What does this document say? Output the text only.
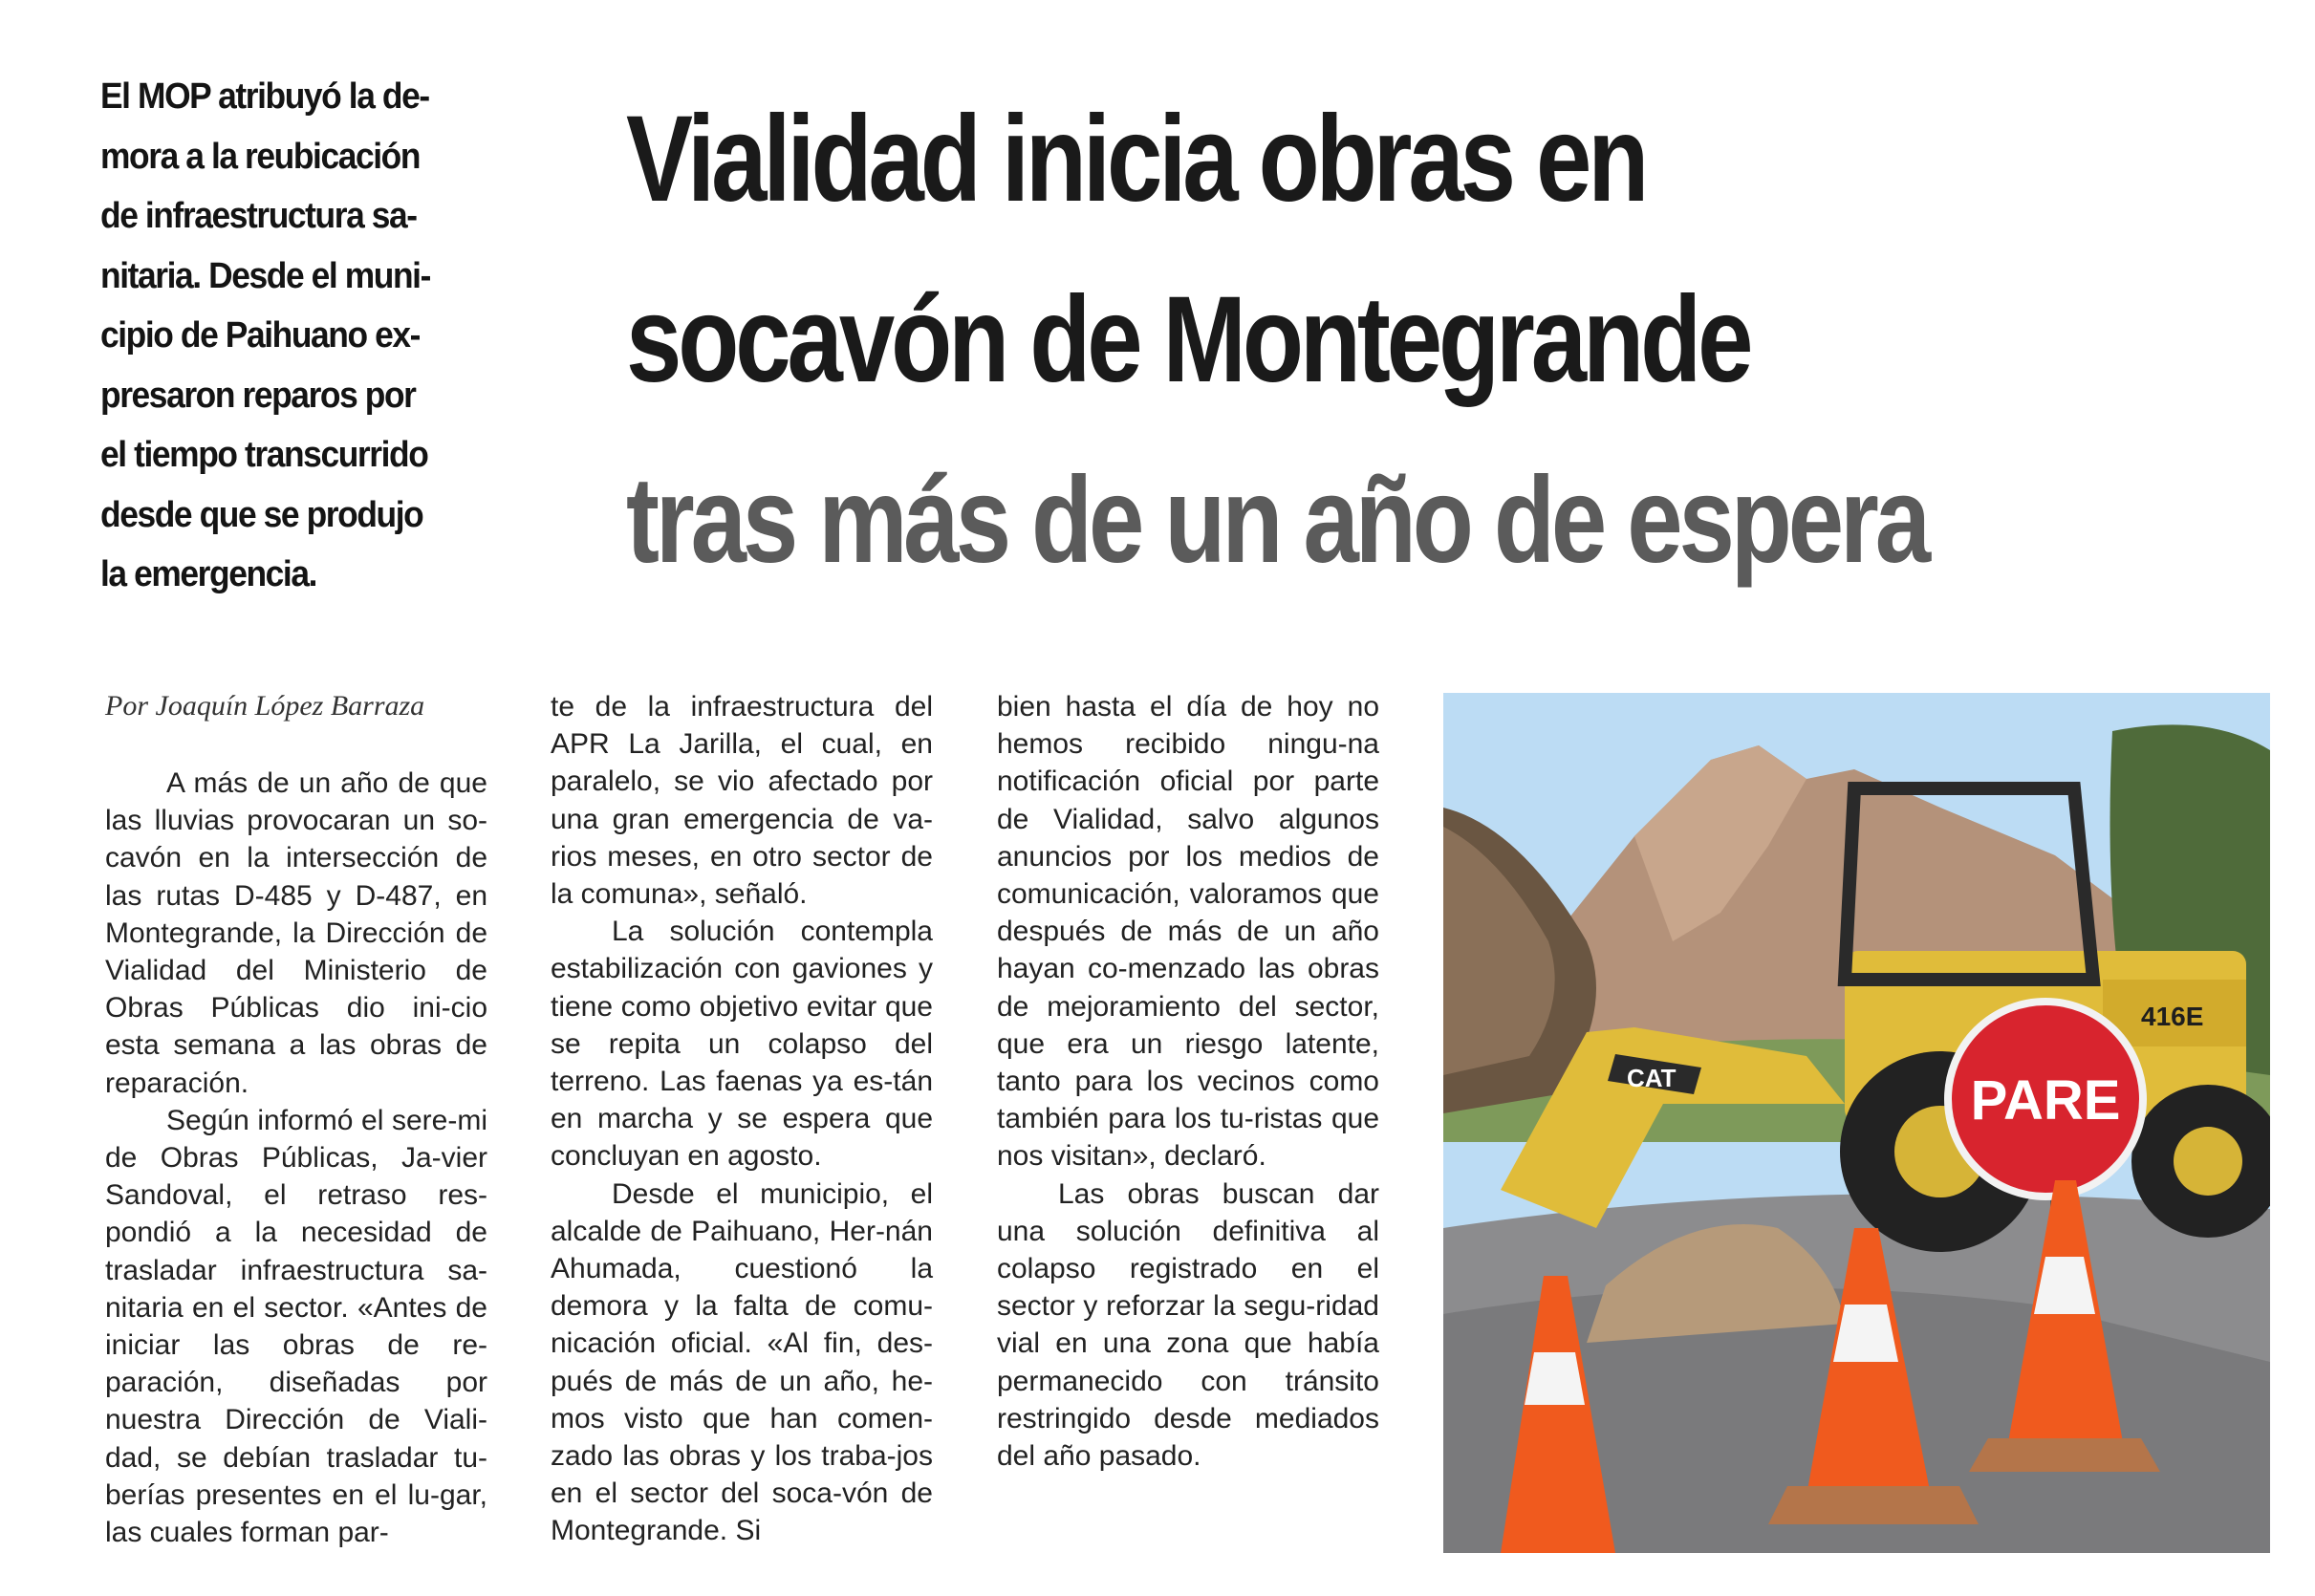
El MOP atribuyó la de-
mora a la reubicación
de infraestructura sa-
nitaria. Desde el muni-
cipio de Paihuano ex-
presaron reparos por
el tiempo transcurrido
desde que se produjo
la emergencia.
Vialidad inicia obras en
socavón de Montegrande
tras más de un año de espera

Por Joaquín López Barraza

A más de un año de que las lluvias provocaran un so-cavón en la intersección de las rutas D-485 y D-487, en Montegrande, la Dirección de Vialidad del Ministerio de Obras Públicas dio ini-cio esta semana a las obras de reparación.

Según informó el sere-mi de Obras Públicas, Ja-vier Sandoval, el retraso res-pondió a la necesidad de trasladar infraestructura sa-nitaria en el sector. «Antes de iniciar las obras de re-paración, diseñadas por nuestra Dirección de Viali-dad, se debían trasladar tu-berías presentes en el lu-gar, las cuales forman par-

te de la infraestructura del APR La Jarilla, el cual, en paralelo, se vio afectado por una gran emergencia de va-rios meses, en otro sector de la comuna», señaló.

La solución contempla estabilización con gaviones y tiene como objetivo evitar que se repita un colapso del terreno. Las faenas ya es-tán en marcha y se espera que concluyan en agosto.

Desde el municipio, el alcalde de Paihuano, Her-nán Ahumada, cuestionó la demora y la falta de comu-nicación oficial. «Al fin, des-pués de más de un año, he-mos visto que han comen-zado las obras y los traba-jos en el sector del soca-vón de Montegrande. Si

bien hasta el día de hoy no hemos recibido ningu-na notificación oficial por parte de Vialidad, salvo algunos anuncios por los medios de comunicación, valoramos que después de más de un año hayan co-menzado las obras de mejoramiento del sector, que era un riesgo latente, tanto para los vecinos como también para los tu-ristas que nos visitan», declaró.

Las obras buscan dar una solución definitiva al colapso registrado en el sector y reforzar la segu-ridad vial en una zona que había permanecido con tránsito restringido desde mediados del año pasado.

CAT
416E
PARE
